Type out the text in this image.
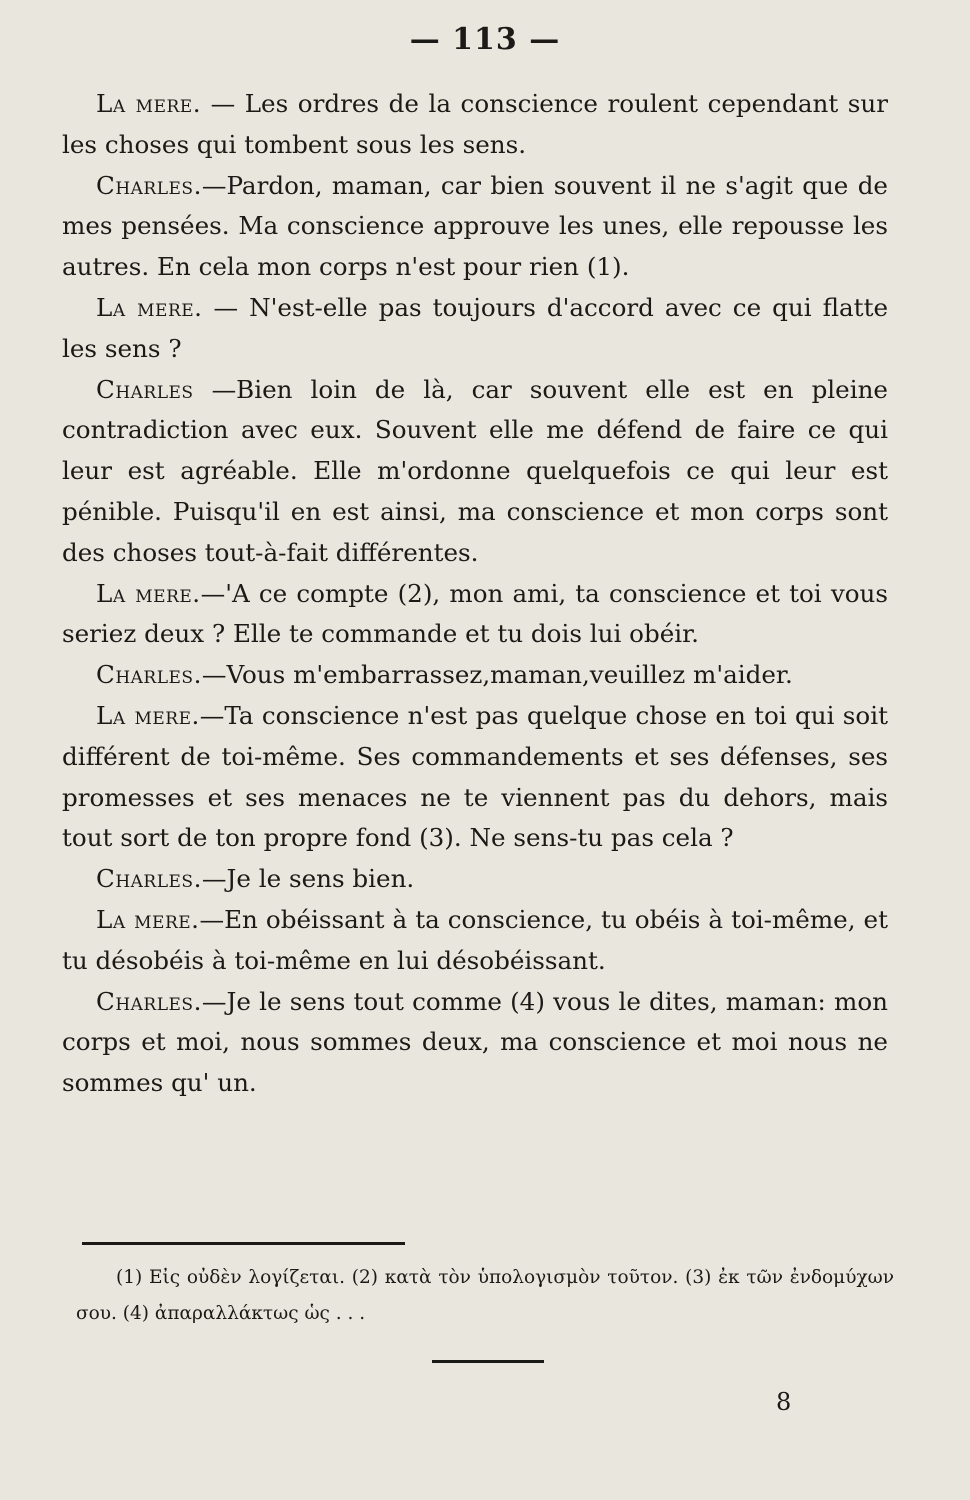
— 113 —

La mere. — Les ordres de la conscience roulent cependant sur les choses qui tombent sous les sens.

Charles.—Pardon, maman, car bien souvent il ne s'agit que de mes pensées. Ma conscience approuve les unes, elle repousse les autres. En cela mon corps n'est pour rien (1).

La mere. — N'est-elle pas toujours d'accord avec ce qui flatte les sens ?

Charles —Bien loin de là, car souvent elle est en pleine contradiction avec eux. Souvent elle me défend de faire ce qui leur est agréable. Elle m'ordonne quelquefois ce qui leur est pénible. Puisqu'il en est ainsi, ma conscience et mon corps sont des choses tout-à-fait différentes.

La mere.—'A ce compte (2), mon ami, ta conscience et toi vous seriez deux ? Elle te commande et tu dois lui obéir.

Charles.—Vous m'embarrassez,maman,veuillez m'aider.

La mere.—Ta conscience n'est pas quelque chose en toi qui soit différent de toi-même. Ses commandements et ses défenses, ses promesses et ses menaces ne te viennent pas du dehors, mais tout sort de ton propre fond (3). Ne sens-tu pas cela ?

Charles.—Je le sens bien.

La mere.—En obéissant à ta conscience, tu obéis à toi-même, et tu désobéis à toi-même en lui désobéissant.

Charles.—Je le sens tout comme (4) vous le dites, maman: mon corps et moi, nous sommes deux, ma conscience et moi nous ne sommes qu' un.

(1) Εἰς οὐδὲν λογίζεται. (2) κατὰ τὸν ὑπολογισμὸν τοῦτον. (3) ἐκ τῶν ἐνδομύχων σου. (4) ἀπαραλλάκτως ὡς . . .

8
